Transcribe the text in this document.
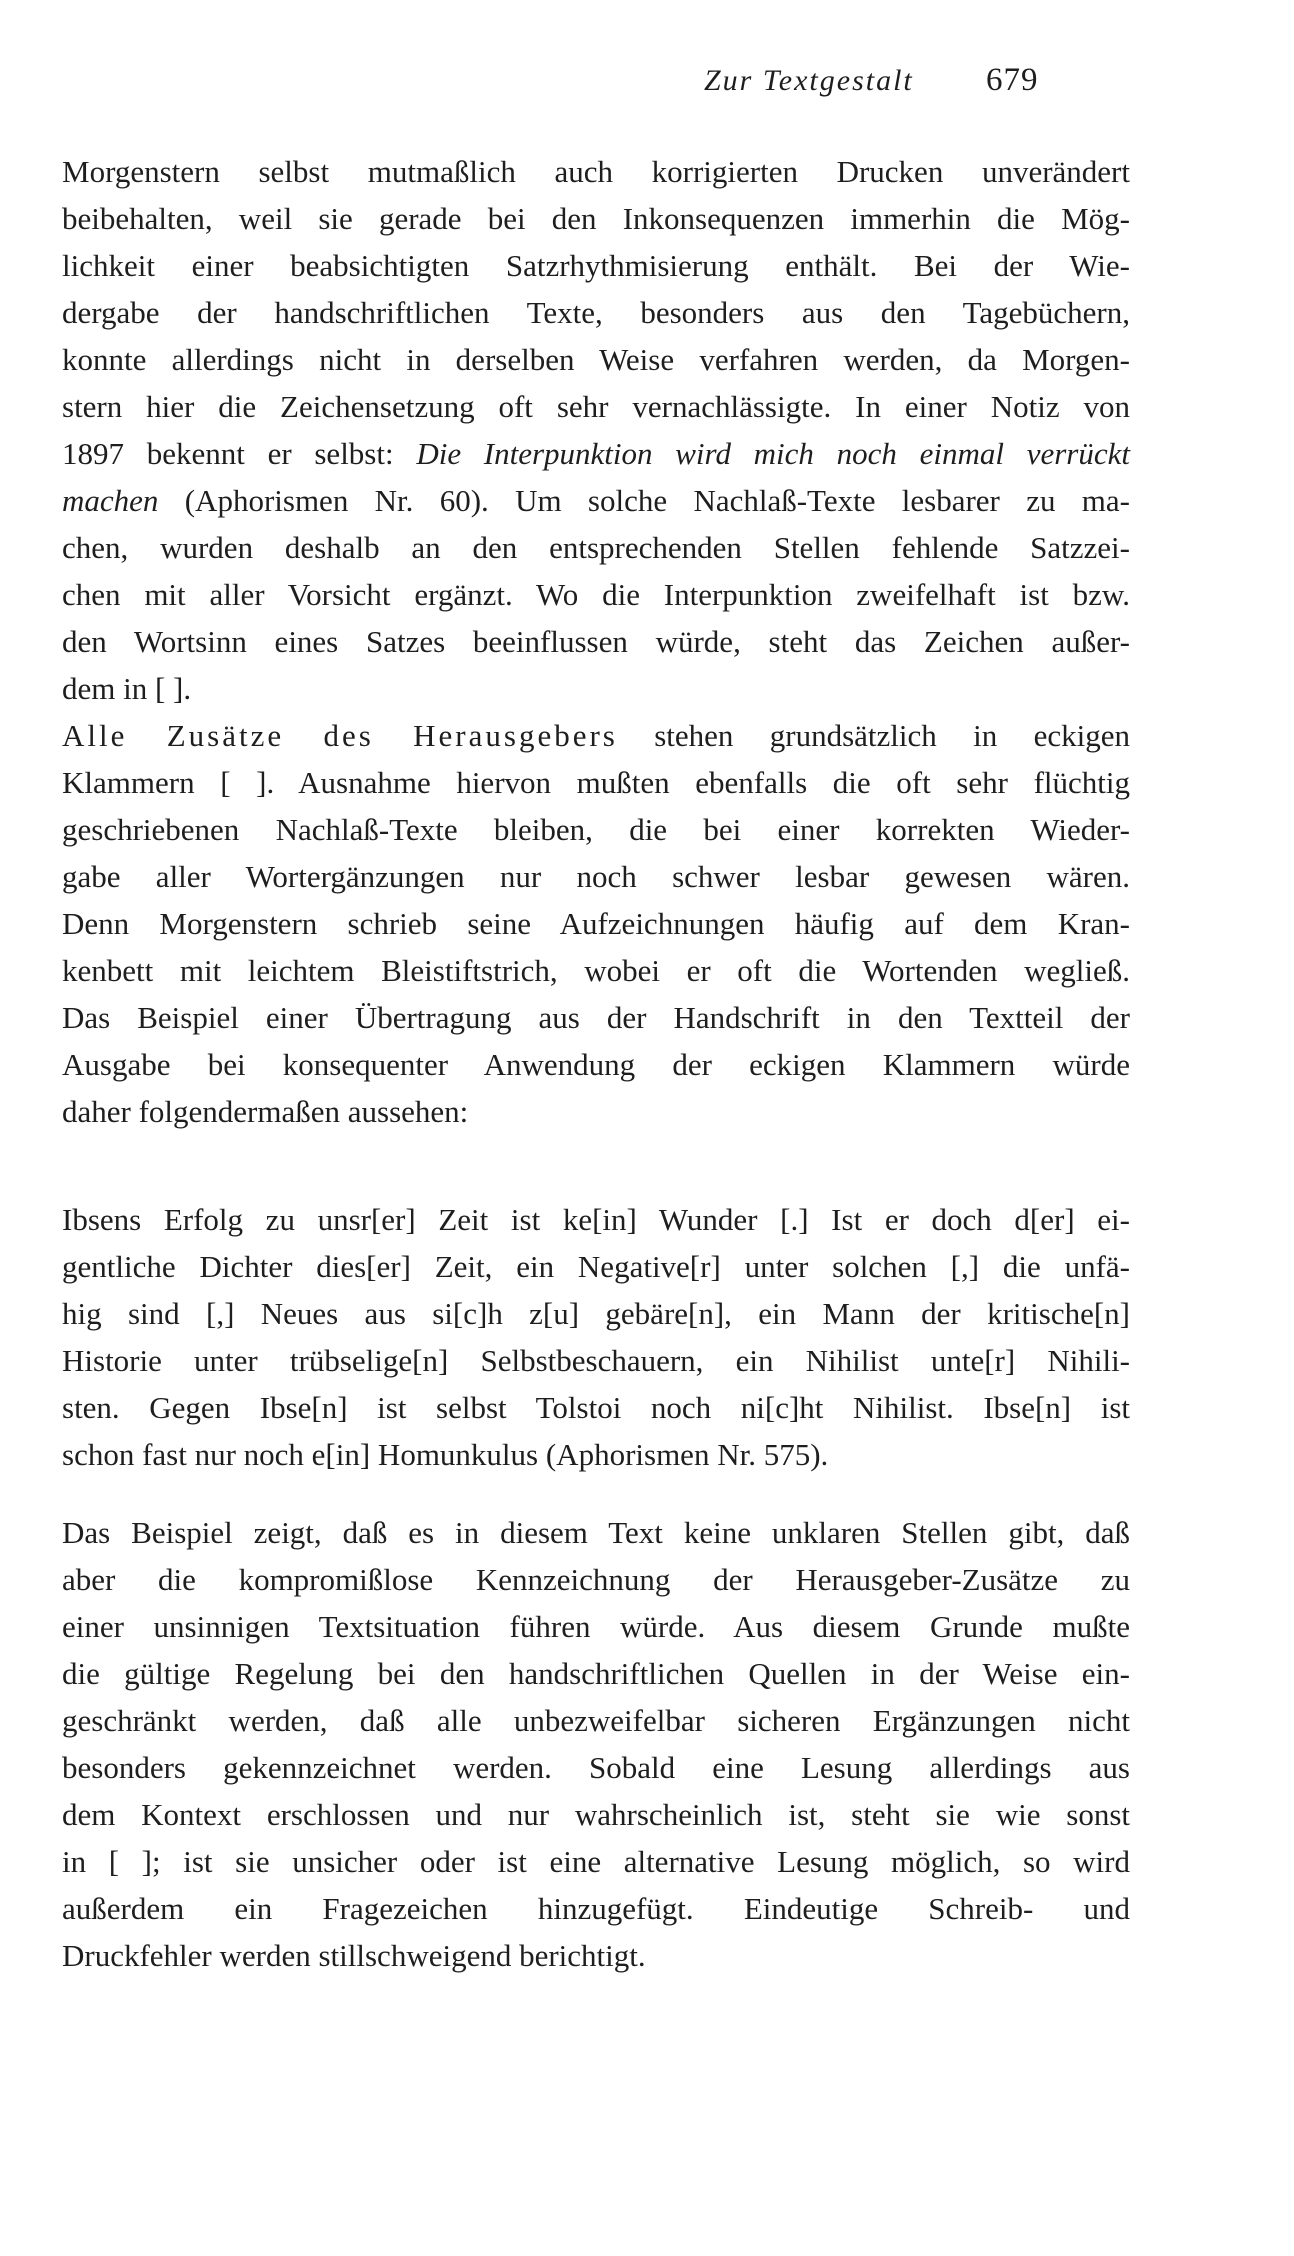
Zur Textgestalt 679
Morgenstern selbst mutmaßlich auch korrigierten Drucken unverändert
beibehalten, weil sie gerade bei den Inkonsequenzen immerhin die Mög-
lichkeit einer beabsichtigten Satzrhythmisierung enthält. Bei der Wie-
dergabe der handschriftlichen Texte, besonders aus den Tagebüchern,
konnte allerdings nicht in derselben Weise verfahren werden, da Morgen-
stern hier die Zeichensetzung oft sehr vernachlässigte. In einer Notiz von
1897 bekennt er selbst: Die Interpunktion wird mich noch einmal verrückt
machen (Aphorismen Nr. 60). Um solche Nachlaß-Texte lesbarer zu ma-
chen, wurden deshalb an den entsprechenden Stellen fehlende Satzzei-
chen mit aller Vorsicht ergänzt. Wo die Interpunktion zweifelhaft ist bzw.
den Wortsinn eines Satzes beeinflussen würde, steht das Zeichen außer-
dem in [ ].
Alle Zusätze des Herausgebers stehen grundsätzlich in eckigen
Klammern [ ]. Ausnahme hiervon mußten ebenfalls die oft sehr flüchtig
geschriebenen Nachlaß-Texte bleiben, die bei einer korrekten Wieder-
gabe aller Wortergänzungen nur noch schwer lesbar gewesen wären.
Denn Morgenstern schrieb seine Aufzeichnungen häufig auf dem Kran-
kenbett mit leichtem Bleistiftstrich, wobei er oft die Wortenden wegließ.
Das Beispiel einer Übertragung aus der Handschrift in den Textteil der
Ausgabe bei konsequenter Anwendung der eckigen Klammern würde
daher folgendermaßen aussehen:
Ibsens Erfolg zu unsr[er] Zeit ist ke[in] Wunder [.] Ist er doch d[er] ei-
gentliche Dichter dies[er] Zeit, ein Negative[r] unter solchen [,] die unfä-
hig sind [,] Neues aus si[c]h z[u] gebäre[n], ein Mann der kritische[n]
Historie unter trübselige[n] Selbstbeschauern, ein Nihilist unte[r] Nihili-
sten. Gegen Ibse[n] ist selbst Tolstoi noch ni[c]ht Nihilist. Ibse[n] ist
schon fast nur noch e[in] Homunkulus (Aphorismen Nr. 575).
Das Beispiel zeigt, daß es in diesem Text keine unklaren Stellen gibt, daß
aber die kompromißlose Kennzeichnung der Herausgeber-Zusätze zu
einer unsinnigen Textsituation führen würde. Aus diesem Grunde mußte
die gültige Regelung bei den handschriftlichen Quellen in der Weise ein-
geschränkt werden, daß alle unbezweifelbar sicheren Ergänzungen nicht
besonders gekennzeichnet werden. Sobald eine Lesung allerdings aus
dem Kontext erschlossen und nur wahrscheinlich ist, steht sie wie sonst
in [ ]; ist sie unsicher oder ist eine alternative Lesung möglich, so wird
außerdem ein Fragezeichen hinzugefügt. Eindeutige Schreib- und
Druckfehler werden stillschweigend berichtigt.
